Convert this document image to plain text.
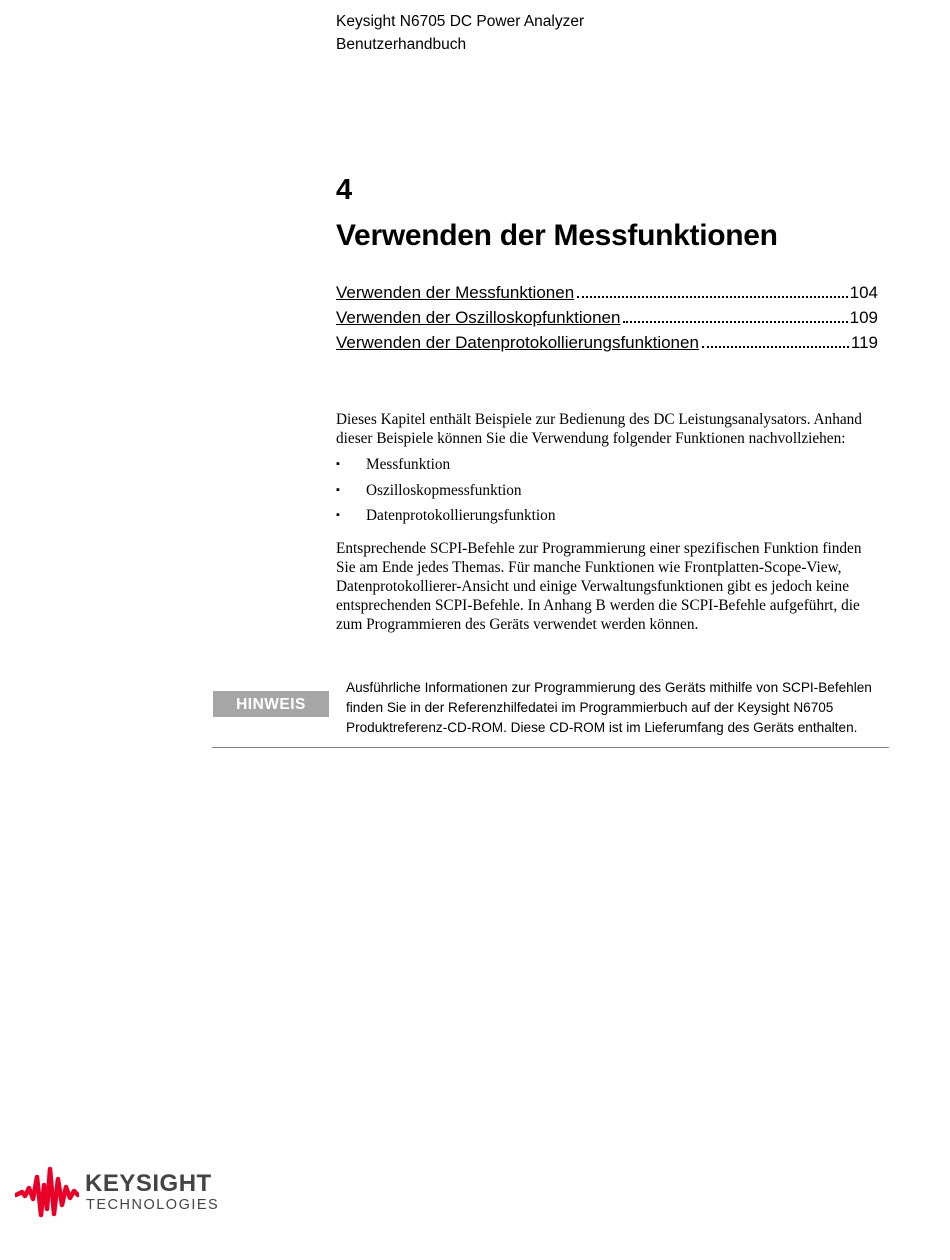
Keysight N6705 DC Power Analyzer
Benutzerhandbuch
4
Verwenden der Messfunktionen
Verwenden der Messfunktionen	104
Verwenden der Oszilloskopfunktionen	109
Verwenden der Datenprotokollierungsfunktionen	119

Dieses Kapitel enthält Beispiele zur Bedienung des DC Leistungsanalysators. Anhand dieser Beispiele können Sie die Verwendung folgender Funktionen nachvollziehen:

▪ Messfunktion
▪ Oszilloskopmessfunktion
▪ Datenprotokollierungsfunktion

Entsprechende SCPI-Befehle zur Programmierung einer spezifischen Funktion finden Sie am Ende jedes Themas. Für manche Funktionen wie Frontplatten-Scope-View, Datenprotokollierer-Ansicht und einige Verwaltungsfunktionen gibt es jedoch keine entsprechenden SCPI-Befehle. In Anhang B werden die SCPI-Befehle aufgeführt, die zum Programmieren des Geräts verwendet werden können.

HINWEIS
Ausführliche Informationen zur Programmierung des Geräts mithilfe von SCPI-Befehlen finden Sie in der Referenzhilfedatei im Programmierbuch auf der Keysight N6705 Produktreferenz-CD-ROM. Diese CD-ROM ist im Lieferumfang des Geräts enthalten.
KEYSIGHT
TECHNOLOGIES
